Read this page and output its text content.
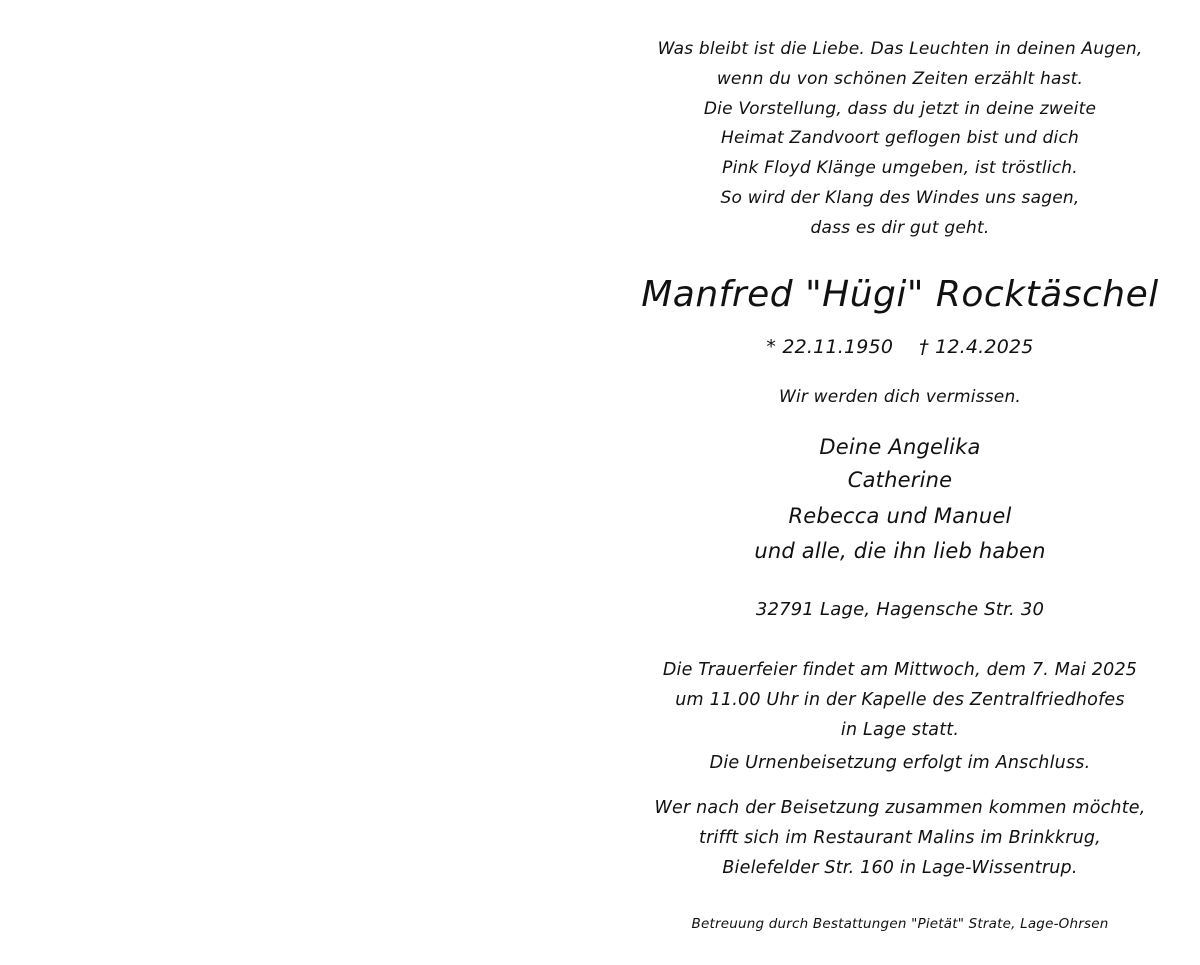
Was bleibt ist die Liebe. Das Leuchten in deinen Augen,
wenn du von schönen Zeiten erzählt hast.
Die Vorstellung, dass du jetzt in deine zweite
Heimat Zandvoort geflogen bist und dich
Pink Floyd Klänge umgeben, ist tröstlich.
So wird der Klang des Windes uns sagen,
dass es dir gut geht.
Manfred "Hügi" Rocktäschel
* 22.11.1950 † 12.4.2025
Wir werden dich vermissen.
Deine Angelika
Catherine
Rebecca und Manuel
und alle, die ihn lieb haben
32791 Lage, Hagensche Str. 30
Die Trauerfeier findet am Mittwoch, dem 7. Mai 2025
um 11.00 Uhr in der Kapelle des Zentralfriedhofes
in Lage statt.
Die Urnenbeisetzung erfolgt im Anschluss.
Wer nach der Beisetzung zusammen kommen möchte,
trifft sich im Restaurant Malins im Brinkkrug,
Bielefelder Str. 160 in Lage-Wissentrup.
Betreuung durch Bestattungen "Pietät" Strate, Lage-Ohrsen
